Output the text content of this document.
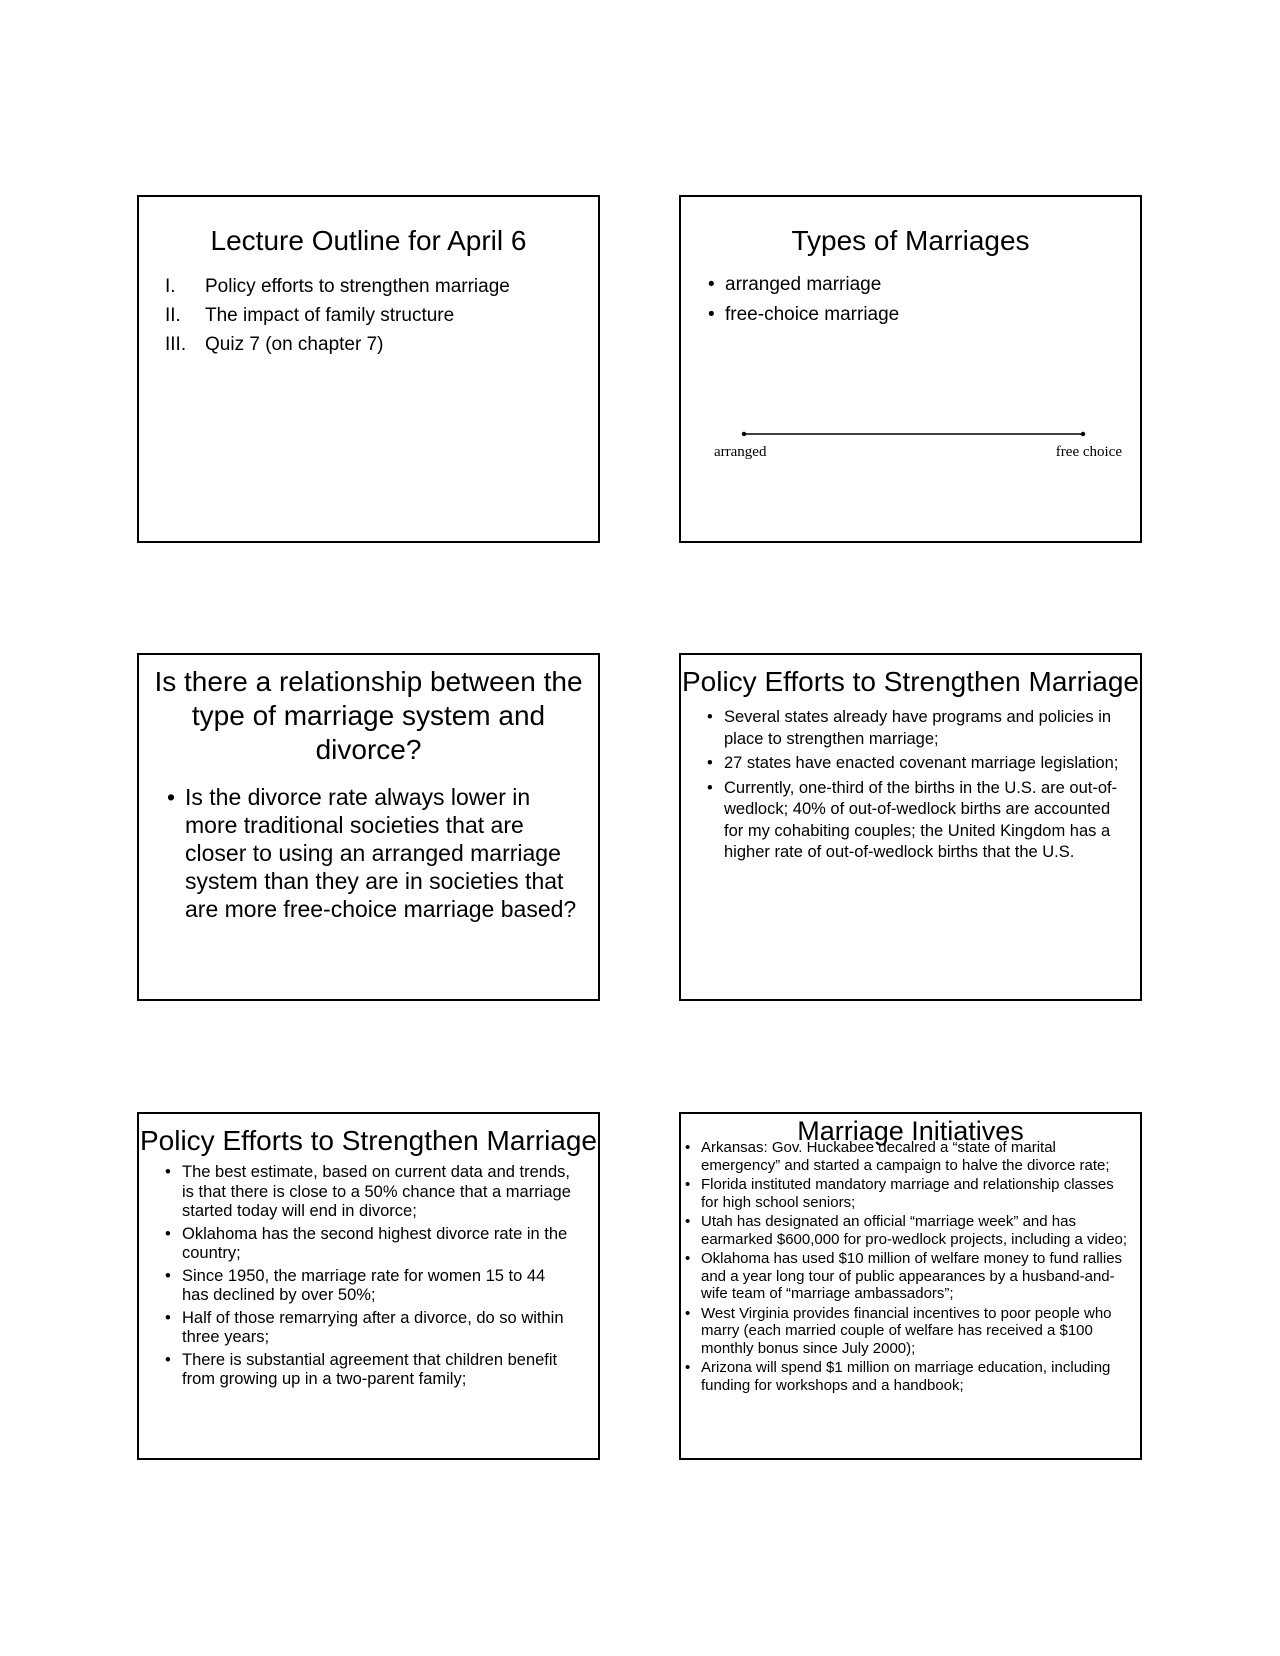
Lecture Outline for April 6
I.	Policy efforts to strengthen marriage
II.	The impact of family structure
III. Quiz 7 (on chapter 7)
Types of Marriages
• arranged marriage
• free-choice marriage
arranged	free choice
Is there a relationship between the type of marriage system and divorce?
• Is the divorce rate always lower in more traditional societies that are closer to using an arranged marriage system than they are in societies that are more free-choice marriage based?
Policy Efforts to Strengthen Marriage
• Several states already have programs and policies in place to strengthen marriage;
• 27 states have enacted covenant marriage legislation;
• Currently, one-third of the births in the U.S. are out-of-wedlock; 40% of out-of-wedlock births are accounted for my cohabiting couples; the United Kingdom has a higher rate of out-of-wedlock births that the U.S.
Policy Efforts to Strengthen Marriage
• The best estimate, based on current data and trends, is that there is close to a 50% chance that a marriage started today will end in divorce;
• Oklahoma has the second highest divorce rate in the country;
• Since 1950, the marriage rate for women 15 to 44 has declined by over 50%;
• Half of those remarrying after a divorce, do so within three years;
• There is substantial agreement that children benefit from growing up in a two-parent family;
Marriage Initiatives
• Arkansas: Gov. Huckabee decalred a “state of marital emergency” and started a campaign to halve the divorce rate;
• Florida instituted mandatory marriage and relationship classes for high school seniors;
• Utah has designated an official “marriage week” and has earmarked $600,000 for pro-wedlock projects, including a video;
• Oklahoma has used $10 million of welfare money to fund rallies and a year long tour of public appearances by a husband-and-wife team of “marriage ambassadors”;
• West Virginia provides financial incentives to poor people who marry (each married couple of welfare has received a $100 monthly bonus since July 2000);
• Arizona will spend $1 million on marriage education, including funding for workshops and a handbook;
